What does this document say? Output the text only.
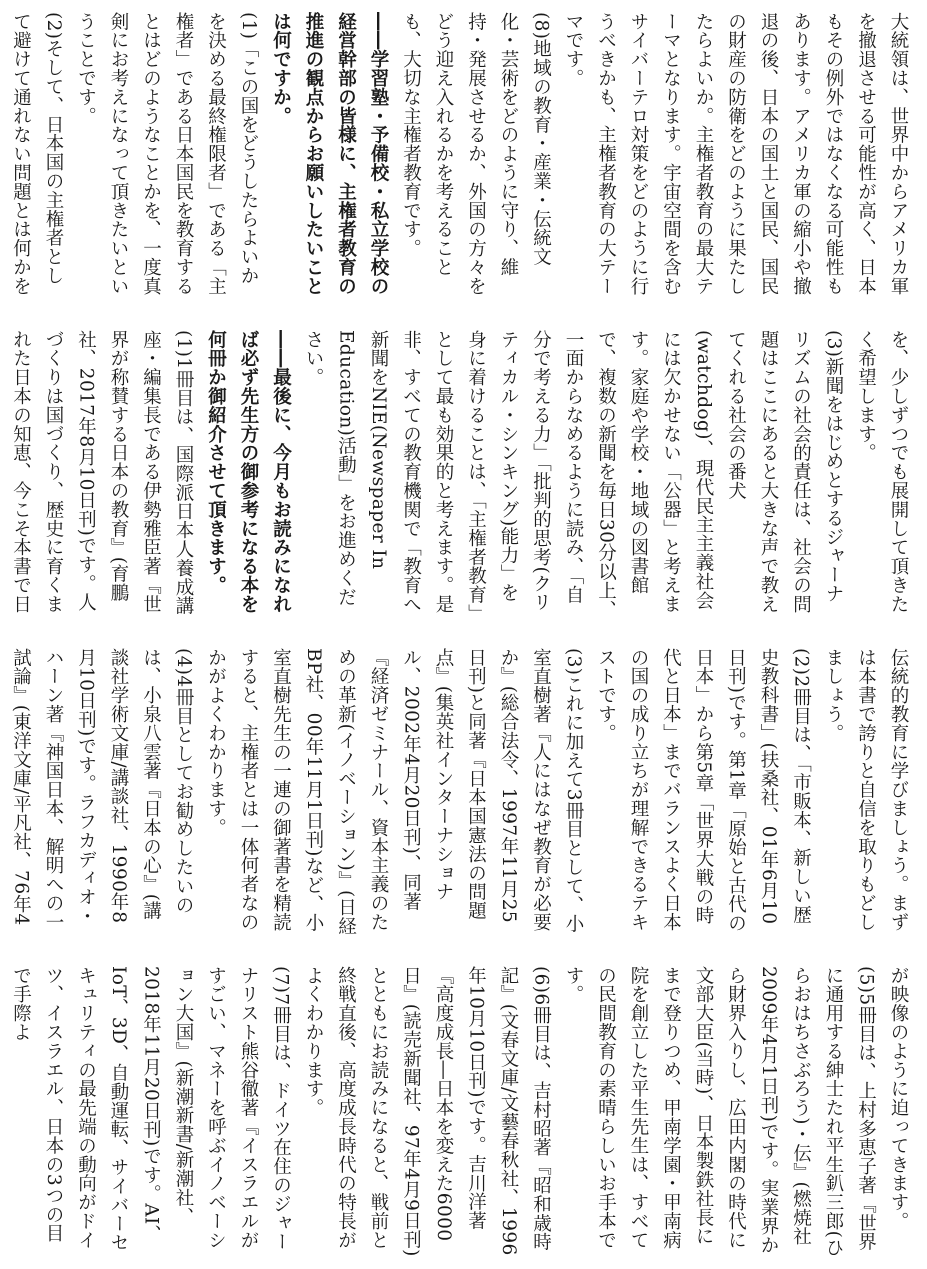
大統領は、世界中からアメリカ軍を撤退させる可能性が高く、日本もその例外ではなくなる可能性もあります。アメリカ軍の縮小や撤退の後、日本の国土と国民、国民の財産の防衛をどのように果たしたらよいか。主権者教育の最大テーマとなります。宇宙空間を含むサイバーテロ対策をどのように行うべきかも、主権者教育の大テーマです。

(8)地域の教育・産業・伝統文化・芸術をどのように守り、維持・発展させるか、外国の方々をどう迎え入れるかを考えることも、大切な主権者教育です。

――学習塾・予備校・私立学校の経営幹部の皆様に、主権者教育の推進の観点からお願いしたいことは何ですか。

(1)「この国をどうしたらよいかを決める最終権限者」である「主権者」である日本国民を教育するとはどのようなことかを、一度真剣にお考えになって頂きたいということです。

(2)そして、日本国の主権者として避けて通れない問題とは何かを

を、少しずつでも展開して頂きたく希望します。

(3)新聞をはじめとするジャーナリズムの社会的責任は、社会の問題はここにあると大きな声で教えてくれる社会の番犬(watchdog)、現代民主主義社会には欠かせない「公器」と考えます。家庭や学校・地域の図書館で、複数の新聞を毎日30分以上、一面からなめるように読み、「自分で考える力」「批判的思考(クリティカル・シンキング)能力」を身に着けることは、「主権者教育」として最も効果的と考えます。是非、すべての教育機関で「教育へ新聞をNIE(Newspaper In Education)活動」をお進めください。

――最後に、今月もお読みになれば必ず先生方の御参考になる本を何冊か御紹介させて頂きます。

(1)1冊目は、国際派日本人養成講座・編集長である伊勢雅臣著『世界が称賛する日本の教育』(育鵬社、2017年8月10日刊)です。人づくりは国づくり、歴史に育くまれた日本の知恵、今こそ本書で日

伝統的教育に学びましょう。まずは本書で誇りと自信を取りもどしましょう。

(2)2冊目は、「市販本、新しい歴史教科書」(扶桑社、01年6月10日刊)です。第1章「原始と古代の日本」から第5章「世界大戦の時代と日本」までバランスよく日本の国の成り立ちが理解できるテキストです。

(3)これに加えて3冊目として、小室直樹著『人にはなぜ教育が必要か』(総合法令、1997年11月25日刊)と同著『日本国憲法の問題点』(集英社インターナショナル、2002年4月20日刊)、同著『経済ゼミナール、資本主義のための革新(イノベーション)』(日経BP社、00年11月1日刊)など、小室直樹先生の一連の御著書を精読すると、主権者とは一体何者なのかがよくわかります。

(4)4冊目としてお勧めしたいのは、小泉八雲著『日本の心』(講談社学術文庫/講談社、1990年8月10日刊)です。ラフカディオ・ハーン著『神国日本、解明への一試論』(東洋文庫/平凡社、76年4

が映像のように迫ってきます。

(5)5冊目は、上村多恵子著『世界に通用する紳士たれ平生釟三郎(ひらおはちさぶろう)・伝』(燃焼社2009年4月1日刊)です。実業界から財界入りし、広田内閣の時代に文部大臣(当時)、日本製鉄社長にまで登りつめ、甲南学園・甲南病院を創立した平生先生は、すべての民間教育の素晴らしいお手本です。

(6)6冊目は、吉村昭著『昭和歳時記』(文春文庫/文藝春秋社、1996年10月10日刊)です。吉川洋著『高度成長―日本を変えた6000日』(読売新聞社、97年4月9日刊)とともにお読みになると、戦前と終戦直後、高度成長時代の特長がよくわかります。

(7)7冊目は、ドイツ在住のジャーナリスト熊谷徹著『イスラエルがすごい、マネーを呼ぶイノベーション大国』(新潮新書/新潮社、2018年11月20日刊)です。AI、IoT、3D、自動運転、サイバーセキュリティの最先端の動向がドイツ、イスラエル、日本の3つの目で手際よ
